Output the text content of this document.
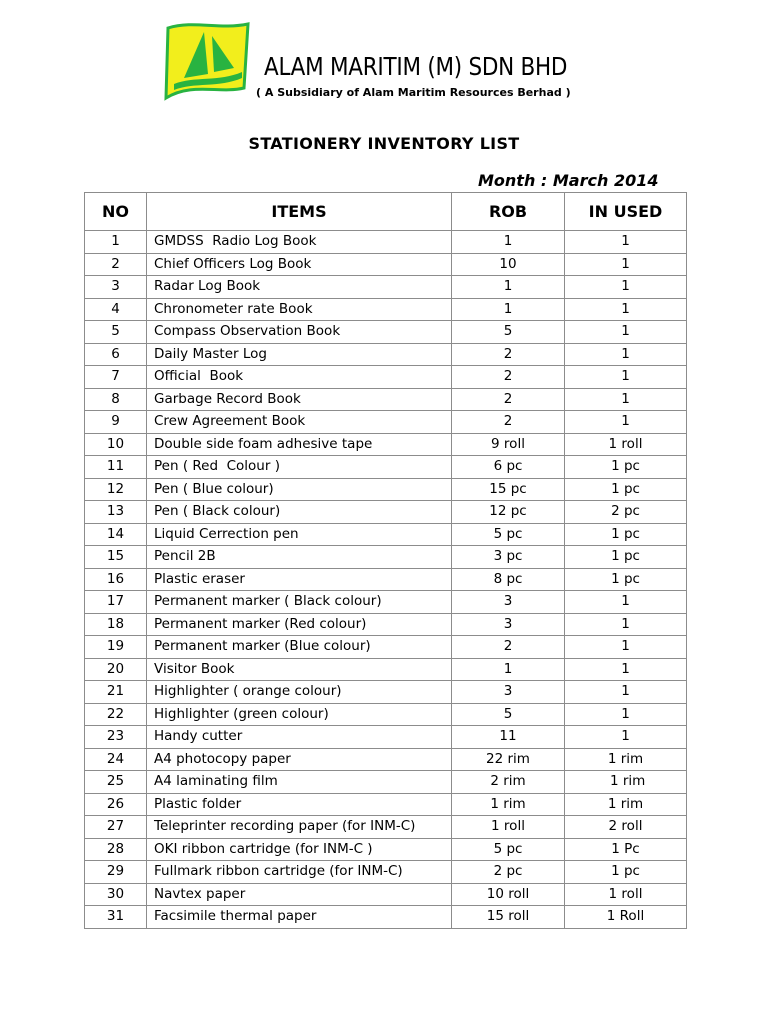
ALAM MARITIM (M) SDN BHD
( A Subsidiary of Alam Maritim Resources Berhad )
STATIONERY INVENTORY LIST
Month : March 2014
NO	ITEMS	ROB	IN USED
1	GMDSS  Radio Log Book	1	1
2	Chief Officers Log Book	10	1
3	Radar Log Book	1	1
4	Chronometer rate Book	1	1
5	Compass Observation Book	5	1
6	Daily Master Log	2	1
7	Official  Book	2	1
8	Garbage Record Book	2	1
9	Crew Agreement Book	2	1
10	Double side foam adhesive tape	9 roll	1 roll
11	Pen ( Red  Colour )	6 pc	1 pc
12	Pen ( Blue colour)	15 pc	1 pc
13	Pen ( Black colour)	12 pc	2 pc
14	Liquid Cerrection pen	5 pc	1 pc
15	Pencil 2B	3 pc	1 pc
16	Plastic eraser	8 pc	1 pc
17	Permanent marker ( Black colour)	3	1
18	Permanent marker (Red colour)	3	1
19	Permanent marker (Blue colour)	2	1
20	Visitor Book	1	1
21	Highlighter ( orange colour)	3	1
22	Highlighter (green colour)	5	1
23	Handy cutter	11	1
24	A4 photocopy paper	22 rim	1 rim
25	A4 laminating film	2 rim	1 rim
26	Plastic folder	1 rim	1 rim
27	Teleprinter recording paper (for INM-C)	1 roll	2 roll
28	OKI ribbon cartridge (for INM-C )	5 pc	1 Pc
29	Fullmark ribbon cartridge (for INM-C)	2 pc	1 pc
30	Navtex paper	10 roll	1 roll
31	Facsimile thermal paper	15 roll	1 Roll
